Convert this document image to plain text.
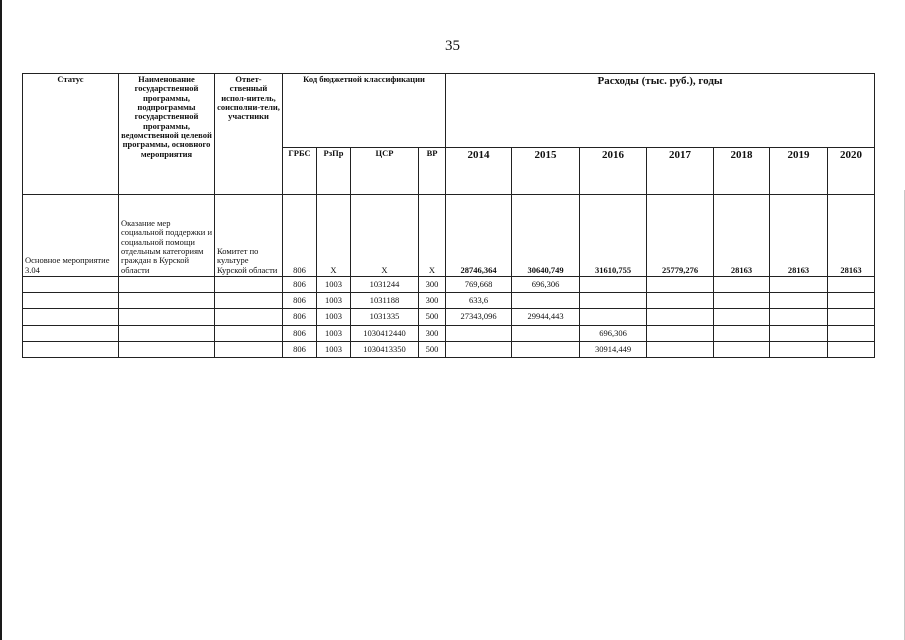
35
Статус	Наименование государственной программы, подпрограммы государственной программы, ведомственной целевой программы, основного мероприятия	Ответ-ственный испол-нитель, соисполни-тели, участники	Код бюджетной классификации				Расходы (тыс. руб.), годы						
			ГРБС	РзПр	ЦСР	ВР	2014	2015	2016	2017	2018	2019	2020
Основное мероприятие 3.04	Оказание мер социальной поддержки и социальной помощи отдельным категориям граждан в Курской области	Комитет по культуре Курской области	806	Х	Х	Х	28746,364	30640,749	31610,755	25779,276	28163	28163	28163
			806	1003	1031244	300	769,668	696,306					
			806	1003	1031188	300	633,6						
			806	1003	1031335	500	27343,096	29944,443					
			806	1003	1030412440	300			696,306				
			806	1003	1030413350	500			30914,449				
